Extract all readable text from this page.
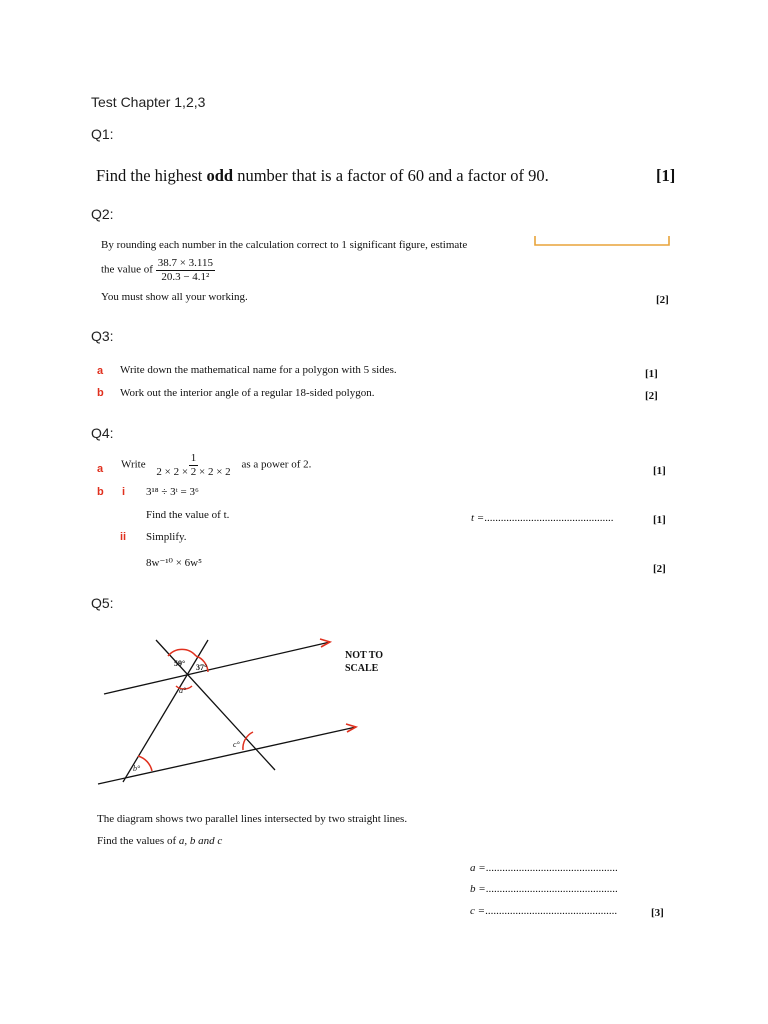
Test Chapter 1,2,3
Q1:
Find the highest odd number that is a factor of 60 and a factor of 90.	[1]
Q2:
By rounding each number in the calculation correct to 1 significant figure, estimate
the value of $\frac{38.7 \times 3.115}{\text{20.3 − 4.1²}}$
You must show all your working.	[2]
Q3:
a Write down the mathematical name for a polygon with 5 sides.	[1]
b Work out the interior angle of a regular 18-sided polygon.	[2]
Q4:
a Write $\frac{1}{2 \times 2 \times 2 \times 2 \times 2}$ as a power of 2.
[1]
b i 3¹⁸ ÷ 3ᵗ = 3⁶
Find the value of t.	t =...............................................	[1]
ii Simplify.
8w⁻¹⁰ × 6w⁵	[2]
Q5:
59° 37°
a°
b°
c°
NOT TO
SCALE
The diagram shows two parallel lines intersected by two straight lines.
Find the values of a, b and c
a =................................................
b =................................................
c =................................................	[3]
